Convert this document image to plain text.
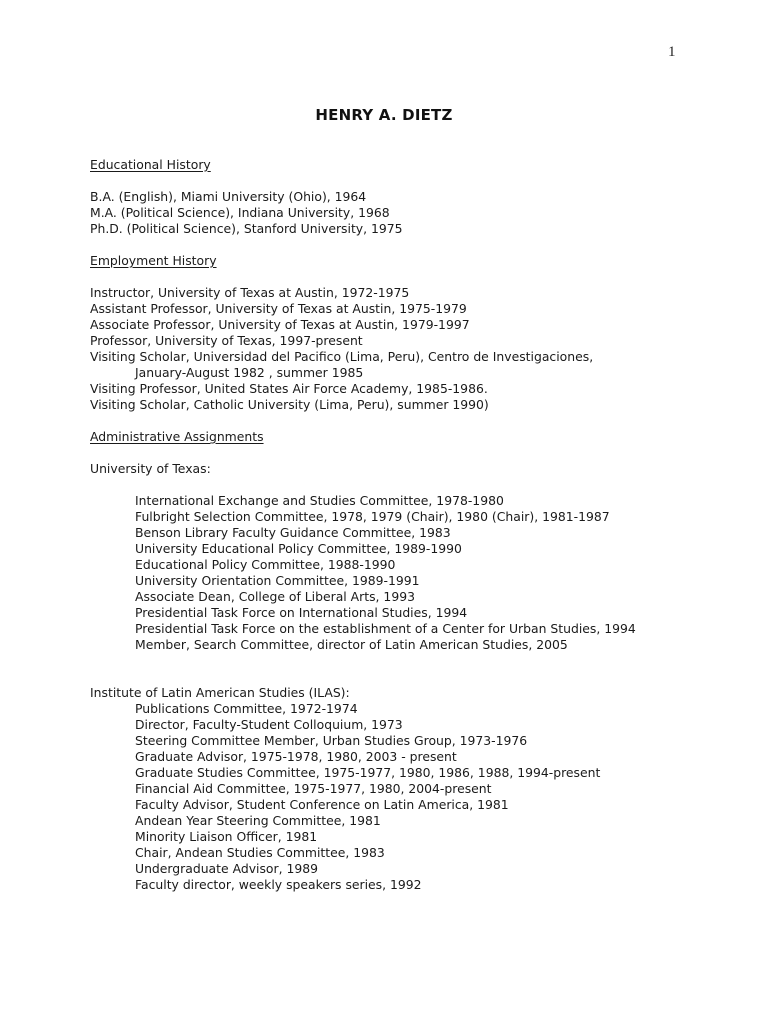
1
HENRY A. DIETZ
Educational History
B.A. (English), Miami University (Ohio), 1964
M.A. (Political Science), Indiana University, 1968
Ph.D. (Political Science), Stanford University, 1975
Employment History
Instructor, University of Texas at Austin, 1972-1975
Assistant Professor, University of Texas at Austin, 1975-1979
Associate Professor, University of Texas at Austin, 1979-1997
Professor, University of Texas, 1997-present
Visiting Scholar, Universidad del Pacifico (Lima, Peru), Centro de Investigaciones,
January-August 1982 , summer 1985
Visiting Professor, United States Air Force Academy, 1985-1986.
Visiting Scholar, Catholic University (Lima, Peru), summer 1990)
Administrative Assignments
University of Texas:
International Exchange and Studies Committee, 1978-1980
Fulbright Selection Committee, 1978, 1979 (Chair), 1980 (Chair), 1981-1987
Benson Library Faculty Guidance Committee, 1983
University Educational Policy Committee, 1989-1990
Educational Policy Committee, 1988-1990
University Orientation Committee, 1989-1991
Associate Dean, College of Liberal Arts, 1993
Presidential Task Force on International Studies, 1994
Presidential Task Force on the establishment of a Center for Urban Studies, 1994
Member, Search Committee, director of Latin American Studies, 2005
Institute of Latin American Studies (ILAS):
Publications Committee, 1972-1974
Director, Faculty-Student Colloquium, 1973
Steering Committee Member, Urban Studies Group, 1973-1976
Graduate Advisor, 1975-1978, 1980, 2003 - present
Graduate Studies Committee, 1975-1977, 1980, 1986, 1988, 1994-present
Financial Aid Committee, 1975-1977, 1980, 2004-present
Faculty Advisor, Student Conference on Latin America, 1981
Andean Year Steering Committee, 1981
Minority Liaison Officer, 1981
Chair, Andean Studies Committee, 1983
Undergraduate Advisor, 1989
Faculty director, weekly speakers series, 1992
